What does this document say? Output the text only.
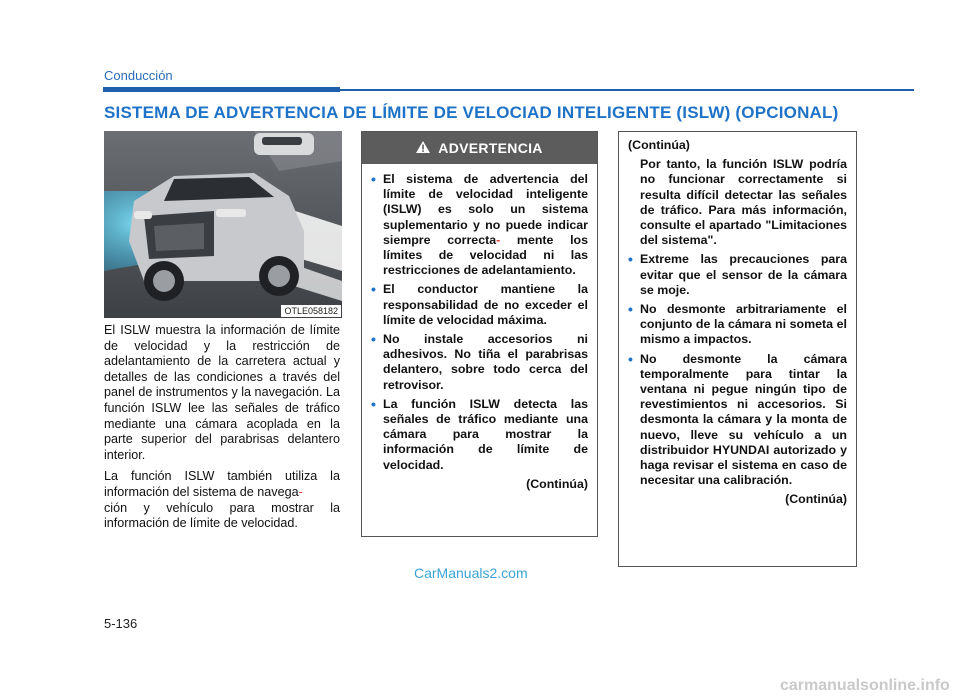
Conducción
SISTEMA DE ADVERTENCIA DE LÍMITE DE VELOCIAD INTELIGENTE (ISLW) (OPCIONAL)
OTLE058182

El ISLW muestra la información de límite de velocidad y la restricción de adelantamiento de la carretera actual y detalles de las condiciones a través del panel de instrumentos y la navegación. La función ISLW lee las señales de tráfico mediante una cámara acoplada en la parte superior del parabrisas delantero interior.

La función ISLW también utiliza la información del sistema de navega-
ción y vehículo para mostrar la información de límite de velocidad.

ADVERTENCIA
• El sistema de advertencia del límite de velocidad inteligente (ISLW) es solo un sistema suplementario y no puede indicar siempre correcta- mente los límites de velocidad ni las restricciones de adelantamiento.
• El conductor mantiene la responsabilidad de no exceder el límite de velocidad máxima.
• No instale accesorios ni adhesivos. No tiña el parabrisas delantero, sobre todo cerca del retrovisor.
• La función ISLW detecta las señales de tráfico mediante una cámara para mostrar la información de límite de velocidad.
(Continúa)
(Continúa)
Por tanto, la función ISLW podría no funcionar correctamente si resulta difícil detectar las señales de tráfico. Para más información, consulte el apartado "Limitaciones del sistema".
• Extreme las precauciones para evitar que el sensor de la cámara se moje.
• No desmonte arbitrariamente el conjunto de la cámara ni someta el mismo a impactos.
• No desmonte la cámara temporalmente para tintar la ventana ni pegue ningún tipo de revestimientos ni accesorios. Si desmonta la cámara y la monta de nuevo, lleve su vehículo a un distribuidor HYUNDAI autorizado y haga revisar el sistema en caso de necesitar una calibración.
(Continúa)
CarManuals2.com
5-136
carmanualsonline.info
